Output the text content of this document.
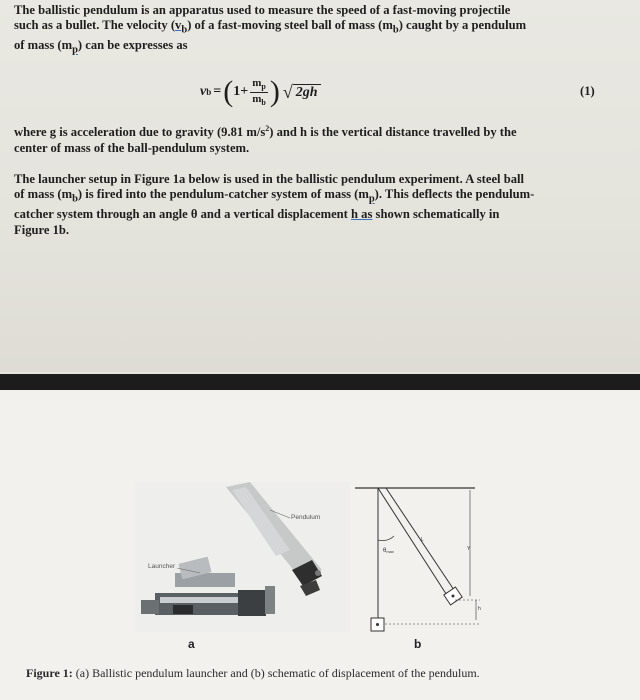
The ballistic pendulum is an apparatus used to measure the speed of a fast-moving projectile
such as a bullet. The velocity $(v_b)$ of a fast-moving steel ball of mass $(m_b)$ caught by a pendulum
of mass $(m_p)$ can be expresses as

v b = ( $1+ \frac{m_p}{m_b}$ ) √ 2gh	(1)

where g is acceleration due to gravity (9.81 $m/s^2$) and h is the vertical distance travelled by the
center of mass of the ball-pendulum system.

The launcher setup in Figure 1a below is used in the ballistic pendulum experiment. A steel ball
of mass $(m_b)$ is fired into the pendulum-catcher system of mass $(m_p)$. This deflects the pendulum-
catcher system through an angle θ and a vertical displacement h as shown schematically in
Figure 1b.

Pendulum
Launcher
a
θmax
L
Y
h
b
Figure 1: (a) Ballistic pendulum launcher and (b) schematic of displacement of the pendulum.
